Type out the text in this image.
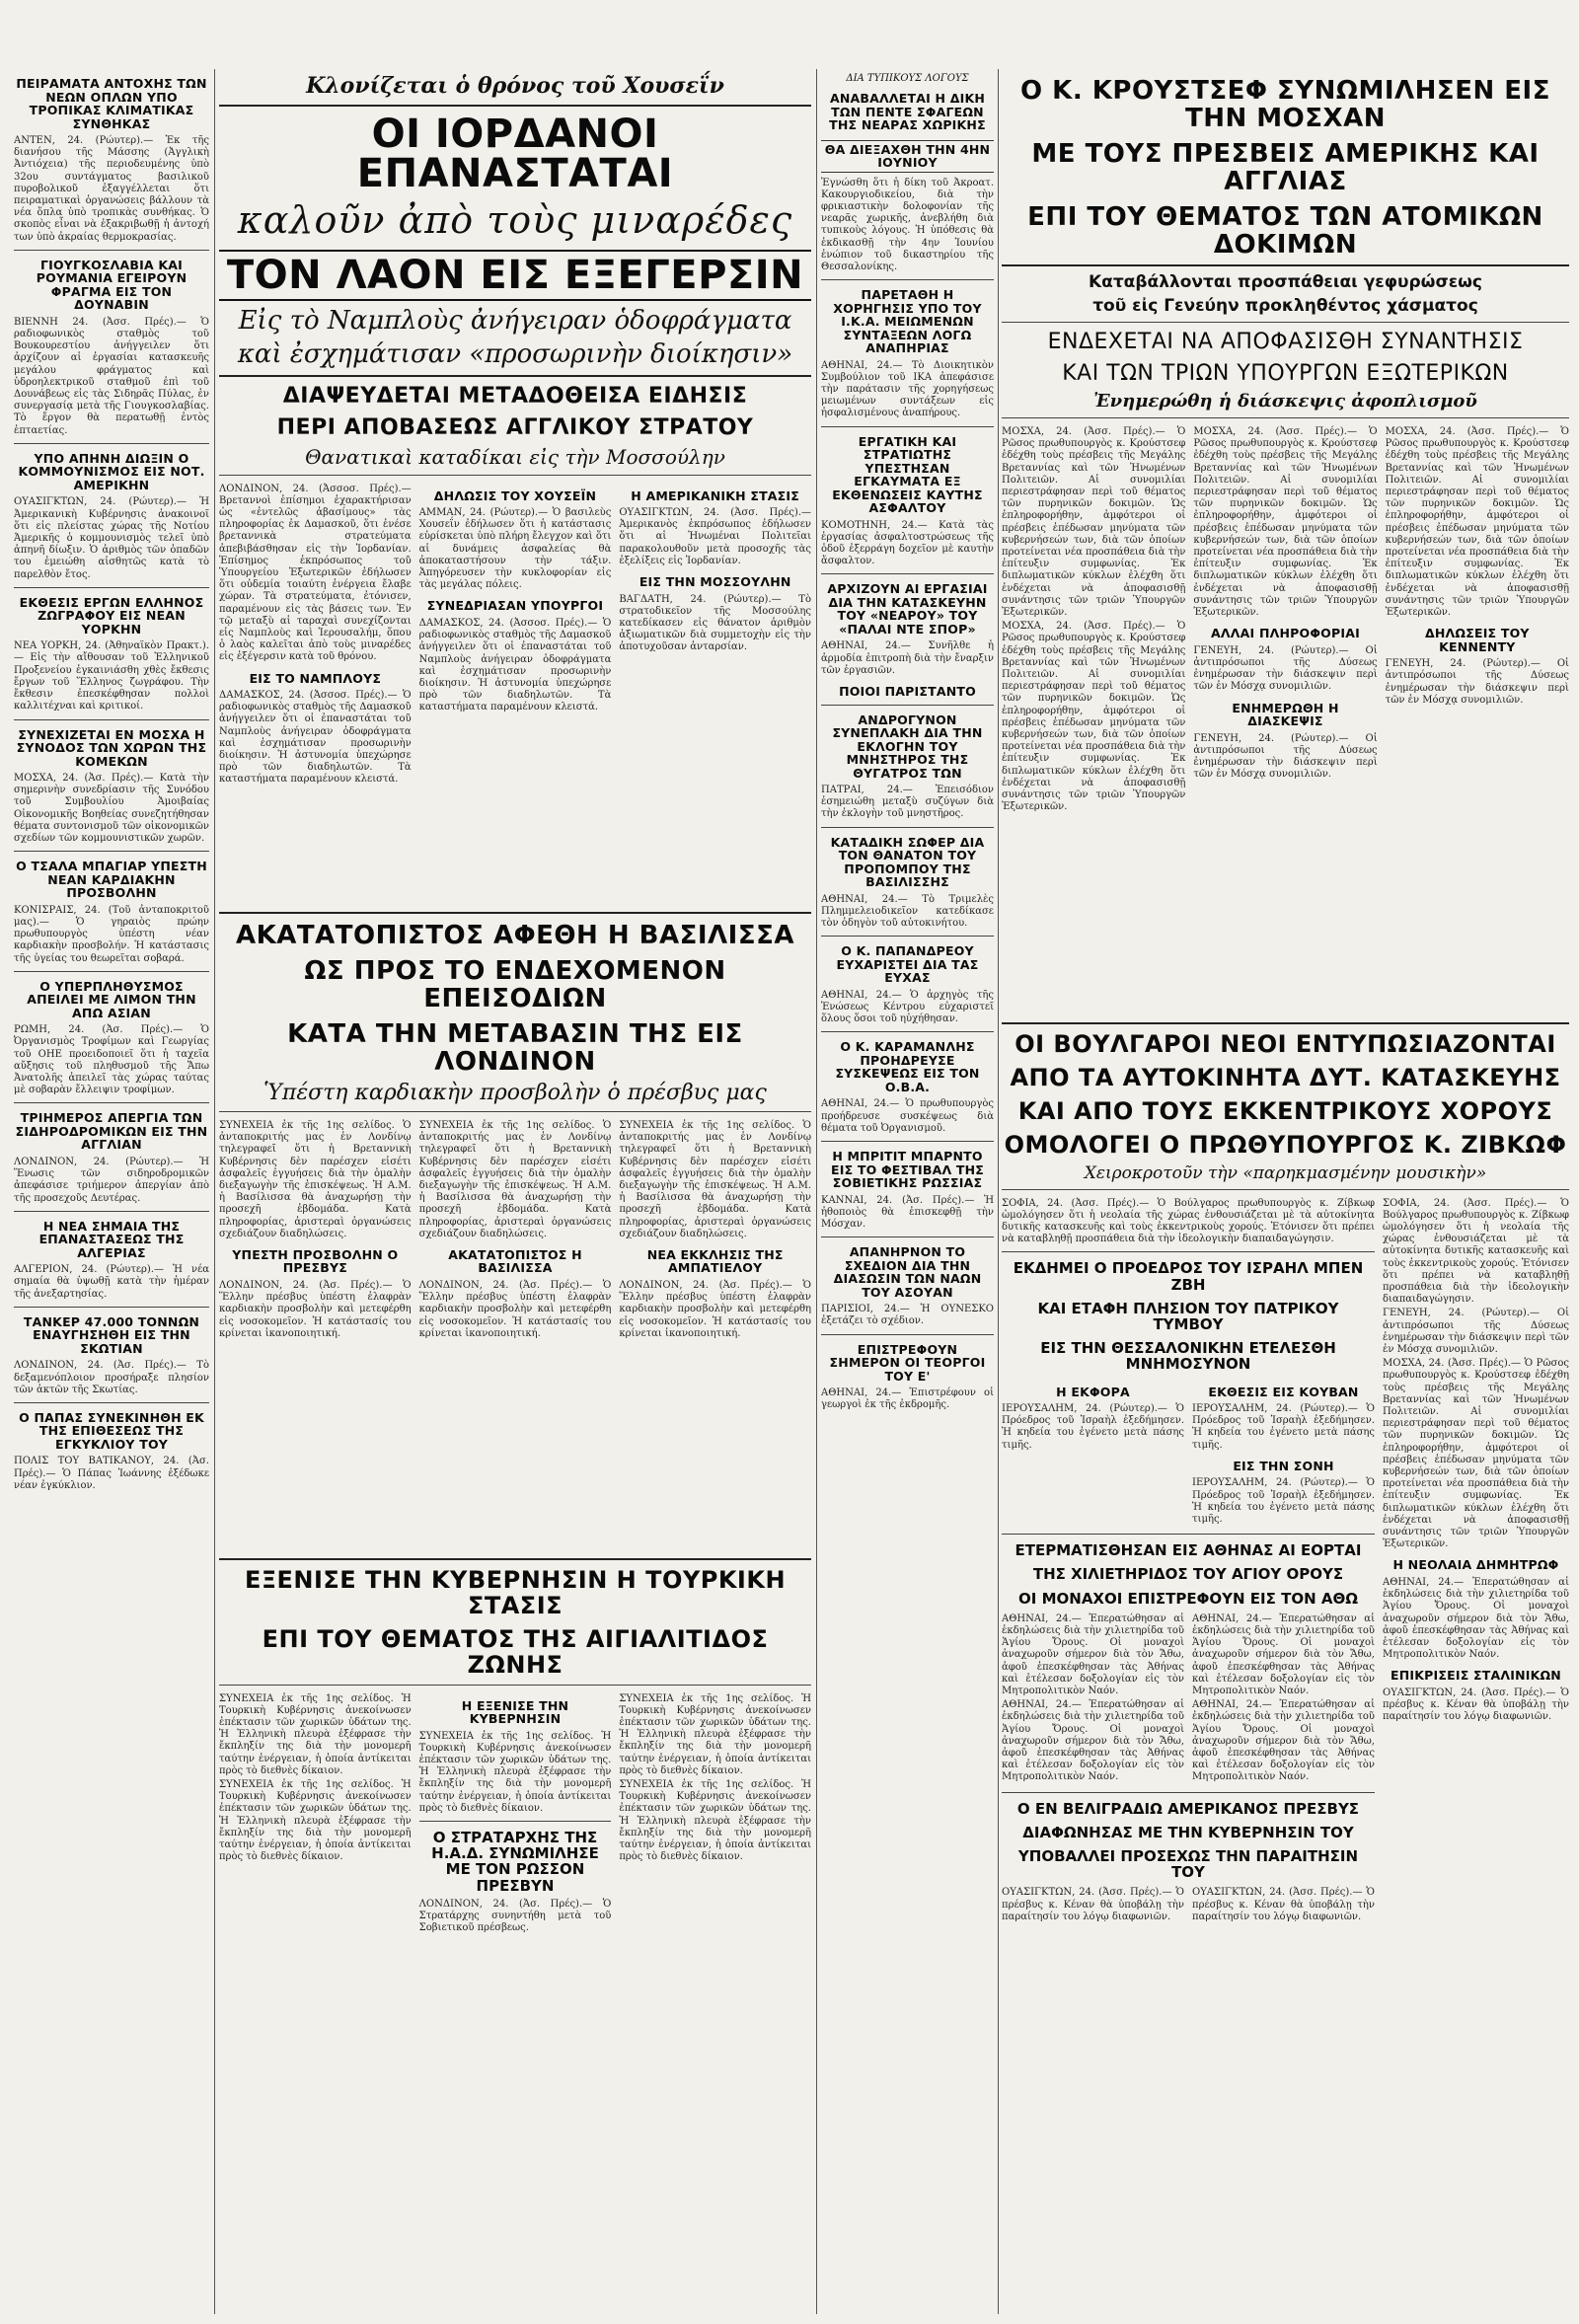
ΠΕΙΡΑΜΑΤΑ ΑΝΤΟΧΗΣ ΤΩΝ ΝΕΩΝ ΟΠΛΩΝ ΥΠΟ ΤΡΟΠΙΚΑΣ ΚΛΙΜΑΤΙΚΑΣ ΣΥΝΘΗΚΑΣ
ΑΝΤΕΝ, 24. (Ρώυτερ).— Ἐκ τῆς διανήσου τῆς Μάσσης (Ἀγγλικὴ Ἀντιόχεια) τῆς περιοδευμένης ὑπὸ 32ου συντάγματος βασιλικοῦ πυροβολικοῦ ἐξαγγέλλεται ὅτι πειραματικαὶ ὀργανώσεις βάλλουν τὰ νέα ὅπλα ὑπὸ τροπικὰς συνθήκας. Ὁ σκοπὸς εἶναι νὰ ἐξακριβωθῇ ἡ ἀντοχή των ὑπὸ ἀκραίας θερμοκρασίας.
ΓΙΟΥΓΚΟΣΛΑΒΙΑ ΚΑΙ ΡΟΥΜΑΝΙΑ ΕΓΕΙΡΟΥΝ ΦΡΑΓΜΑ ΕΙΣ ΤΟΝ ΔΟΥΝΑΒΙΝ
ΒΙΕΝΝΗ 24. (Ἀσσ. Πρές).— Ὁ ραδιοφωνικὸς σταθμὸς τοῦ Βουκουρεστίου ἀνήγγειλεν ὅτι ἀρχίζουν αἱ ἐργασίαι κατασκευῆς μεγάλου φράγματος καὶ ὑδροηλεκτρικοῦ σταθμοῦ ἐπὶ τοῦ Δουνάβεως εἰς τὰς Σιδηρᾶς Πύλας, ἐν συνεργασίᾳ μετὰ τῆς Γιουγκοσλαβίας. Τὸ ἔργον θὰ περατωθῇ ἐντὸς ἑπταετίας.
ΥΠΟ ΑΠΗΝΗ ΔΙΩΞΙΝ Ο ΚΟΜΜΟΥΝΙΣΜΟΣ ΕΙΣ ΝΟΤ. ΑΜΕΡΙΚΗΝ
ΟΥΑΣΙΓΚΤΩΝ, 24. (Ρώυτερ).— Ἡ Ἀμερικανικὴ Κυβέρνησις ἀνακοινοῖ ὅτι εἰς πλείστας χώρας τῆς Νοτίου Ἀμερικῆς ὁ κομμουνισμὸς τελεῖ ὑπὸ ἀπηνῆ δίωξιν. Ὁ ἀριθμὸς τῶν ὀπαδῶν του ἐμειώθη αἰσθητῶς κατὰ τὸ παρελθὸν ἔτος.
ΕΚΘΕΣΙΣ ΕΡΓΩΝ ΕΛΛΗΝΟΣ ΖΩΓΡΑΦΟΥ ΕΙΣ ΝΕΑΝ ΥΟΡΚΗΝ
ΝΕΑ ΥΟΡΚΗ, 24. (Ἀθηναϊκὸν Πρακτ.).— Εἰς τὴν αἴθουσαν τοῦ Ἑλληνικοῦ Προξενείου ἐγκαινιάσθη χθὲς ἔκθεσις ἔργων τοῦ Ἕλληνος ζωγράφου. Τὴν ἔκθεσιν ἐπεσκέφθησαν πολλοὶ καλλιτέχναι καὶ κριτικοί.
ΣΥΝΕΧΙΖΕΤΑΙ ΕΝ ΜΟΣΧΑ Η ΣΥΝΟΔΟΣ ΤΩΝ ΧΩΡΩΝ ΤΗΣ ΚΟΜΕΚΩΝ
ΜΟΣΧΑ, 24. (Ἀσ. Πρές).— Κατὰ τὴν σημερινὴν συνεδρίασιν τῆς Συνόδου τοῦ Συμβουλίου Ἀμοιβαίας Οἰκονομικῆς Βοηθείας συνεζητήθησαν θέματα συντονισμοῦ τῶν οἰκονομικῶν σχεδίων τῶν κομμουνιστικῶν χωρῶν.
Ο ΤΣΑΛΑ ΜΠΑΓΙΑΡ ΥΠΕΣΤΗ ΝΕΑΝ ΚΑΡΔΙΑΚΗΝ ΠΡΟΣΒΟΛΗΝ
ΚΟΝΙΣΡΑΙΣ, 24. (Τοῦ ἀνταποκριτοῦ μας).— Ὁ γηραιὸς πρώην πρωθυπουργὸς ὑπέστη νέαν καρδιακὴν προσβολήν. Ἡ κατάστασις τῆς ὑγείας του θεωρεῖται σοβαρά.
Ο ΥΠΕΡΠΛΗΘΥΣΜΟΣ ΑΠΕΙΛΕΙ ΜΕ ΛΙΜΟΝ ΤΗΝ ΑΠΩ ΑΣΙΑΝ
ΡΩΜΗ, 24. (Ἀσ. Πρές).— Ὁ Ὀργανισμὸς Τροφίμων καὶ Γεωργίας τοῦ ΟΗΕ προειδοποιεῖ ὅτι ἡ ταχεῖα αὔξησις τοῦ πληθυσμοῦ τῆς Ἄπω Ἀνατολῆς ἀπειλεῖ τὰς χώρας ταύτας μὲ σοβαρὰν ἔλλειψιν τροφίμων.
ΤΡΙΗΜΕΡΟΣ ΑΠΕΡΓΙΑ ΤΩΝ ΣΙΔΗΡΟΔΡΟΜΙΚΩΝ ΕΙΣ ΤΗΝ ΑΓΓΛΙΑΝ
ΛΟΝΔΙΝΟΝ, 24. (Ρώυτερ).— Ἡ Ἕνωσις τῶν σιδηροδρομικῶν ἀπεφάσισε τριήμερον ἀπεργίαν ἀπὸ τῆς προσεχοῦς Δευτέρας.
Η ΝΕΑ ΣΗΜΑΙΑ ΤΗΣ ΕΠΑΝΑΣΤΑΣΕΩΣ ΤΗΣ ΑΛΓΕΡΙΑΣ
ΑΛΓΕΡΙΟΝ, 24. (Ρώυτερ).— Ἡ νέα σημαία θὰ ὑψωθῇ κατὰ τὴν ἡμέραν τῆς ἀνεξαρτησίας.
ΤΑΝΚΕΡ 47.000 ΤΟΝΝΩΝ ΕΝΑΥΓΗΣΗΘΗ ΕΙΣ ΤΗΝ ΣΚΩΤΙΑΝ
ΛΟΝΔΙΝΟΝ, 24. (Ἀσ. Πρές).— Τὸ δεξαμενόπλοιον προσήραξε πλησίον τῶν ἀκτῶν τῆς Σκωτίας.
Ο ΠΑΠΑΣ ΣΥΝΕΚΙΝΗΘΗ ΕΚ ΤΗΣ ΕΠΙΘΕΣΕΩΣ ΤΗΣ ΕΓΚΥΚΛΙΟΥ ΤΟΥ
ΠΟΛΙΣ ΤΟΥ ΒΑΤΙΚΑΝΟΥ, 24. (Ἀσ. Πρές).— Ὁ Πάπας Ἰωάννης ἐξέδωκε νέαν ἐγκύκλιον.
Κλονίζεται ὁ θρόνος τοῦ Χουσεΐν
ΟΙ ΙΟΡΔΑΝΟΙ ΕΠΑΝΑΣΤΑΤΑΙ
καλοῦν ἀπὸ τοὺς μιναρέδες
ΤΟΝ ΛΑΟΝ ΕΙΣ ΕΞΕΓΕΡΣΙΝ
Εἰς τὸ Ναμπλοὺς ἀνήγειραν ὁδοφράγματα
καὶ ἐσχημάτισαν «προσωρινὴν διοίκησιν»
ΔΙΑΨΕΥΔΕΤΑΙ ΜΕΤΑΔΟΘΕΙΣΑ ΕΙΔΗΣΙΣ
ΠΕΡΙ ΑΠΟΒΑΣΕΩΣ ΑΓΓΛΙΚΟΥ ΣΤΡΑΤΟΥ
Θανατικαὶ καταδίκαι εἰς τὴν Μοσσούλην
ΛΟΝΔΙΝΟΝ, 24. (Ἀσσοσ. Πρές).— Βρεταννοὶ ἐπίσημοι ἐχαρακτήρισαν ὡς «ἐντελῶς ἀβασίμους» τὰς πληροφορίας ἐκ Δαμασκοῦ, ὅτι ἐνέσε βρεταννικὰ στρατεύματα ἀπεβιβάσθησαν εἰς τὴν Ἰορδανίαν. Ἐπίσημος ἐκπρόσωπος τοῦ Ὑπουργείου Ἐξωτερικῶν ἐδήλωσεν ὅτι οὐδεμία τοιαύτη ἐνέργεια ἔλαβε χώραν. Τὰ στρατεύματα, ἐτόνισεν, παραμένουν εἰς τὰς βάσεις των. Ἐν τῷ μεταξὺ αἱ ταραχαὶ συνεχίζονται εἰς Ναμπλοὺς καὶ Ἰερουσαλήμ, ὅπου ὁ λαὸς καλεῖται ἀπὸ τοὺς μιναρέδες εἰς ἐξέγερσιν κατὰ τοῦ θρόνου.
ΕΙΣ ΤΟ ΝΑΜΠΛΟΥΣ
ΔΑΜΑΣΚΟΣ, 24. (Ἀσσοσ. Πρές).— Ὁ ραδιοφωνικὸς σταθμὸς τῆς Δαμασκοῦ ἀνήγγειλεν ὅτι οἱ ἐπαναστάται τοῦ Ναμπλοὺς ἀνήγειραν ὁδοφράγματα καὶ ἐσχημάτισαν προσωρινὴν διοίκησιν. Ἡ ἀστυνομία ὑπεχώρησε πρὸ τῶν διαδηλωτῶν. Τὰ καταστήματα παραμένουν κλειστά.
ΔΗΛΩΣΙΣ ΤΟΥ ΧΟΥΣΕΪΝ
ΑΜΜΑΝ, 24. (Ρώυτερ).— Ὁ βασιλεὺς Χουσεΐν ἐδήλωσεν ὅτι ἡ κατάστασις εὑρίσκεται ὑπὸ πλήρη ἔλεγχον καὶ ὅτι αἱ δυνάμεις ἀσφαλείας θὰ ἀποκαταστήσουν τὴν τάξιν. Ἀπηγόρευσεν τὴν κυκλοφορίαν εἰς τὰς μεγάλας πόλεις.
ΣΥΝΕΔΡΙΑΣΑΝ ΥΠΟΥΡΓΟΙ
ΔΑΜΑΣΚΟΣ, 24. (Ἀσσοσ. Πρές).— Ὁ ραδιοφωνικὸς σταθμὸς τῆς Δαμασκοῦ ἀνήγγειλεν ὅτι οἱ ἐπαναστάται τοῦ Ναμπλοὺς ἀνήγειραν ὁδοφράγματα καὶ ἐσχημάτισαν προσωρινὴν διοίκησιν. Ἡ ἀστυνομία ὑπεχώρησε πρὸ τῶν διαδηλωτῶν. Τὰ καταστήματα παραμένουν κλειστά.
Η ΑΜΕΡΙΚΑΝΙΚΗ ΣΤΑΣΙΣ
ΟΥΑΣΙΓΚΤΩΝ, 24. (Ἀσσ. Πρές).— Ἀμερικανὸς ἐκπρόσωπος ἐδήλωσεν ὅτι αἱ Ἡνωμέναι Πολιτεῖαι παρακολουθοῦν μετὰ προσοχῆς τὰς ἐξελίξεις εἰς Ἰορδανίαν.
ΕΙΣ ΤΗΝ ΜΟΣΣΟΥΛΗΝ
ΒΑΓΔΑΤΗ, 24. (Ρώυτερ).— Τὸ στρατοδικεῖον τῆς Μοσσούλης κατεδίκασεν εἰς θάνατον ἀριθμὸν ἀξιωματικῶν διὰ συμμετοχὴν εἰς τὴν ἀποτυχοῦσαν ἀνταρσίαν.
ΑΚΑΤΑΤΟΠΙΣΤΟΣ ΑΦΕΘΗ Η ΒΑΣΙΛΙΣΣΑ
ΩΣ ΠΡΟΣ ΤΟ ΕΝΔΕΧΟΜΕΝΟΝ ΕΠΕΙΣΟΔΙΩΝ
ΚΑΤΑ ΤΗΝ ΜΕΤΑΒΑΣΙΝ ΤΗΣ ΕΙΣ ΛΟΝΔΙΝΟΝ
Ὑπέστη καρδιακὴν προσβολὴν ὁ πρέσβυς μας
ΣΥΝΕΧΕΙΑ ἐκ τῆς 1ης σελίδος. Ὁ ἀνταποκριτής μας ἐν Λονδίνῳ τηλεγραφεῖ ὅτι ἡ Βρεταννικὴ Κυβέρνησις δὲν παρέσχεν εἰσέτι ἀσφαλεῖς ἐγγυήσεις διὰ τὴν ὁμαλὴν διεξαγωγὴν τῆς ἐπισκέψεως. Ἡ Α.Μ. ἡ Βασίλισσα θὰ ἀναχωρήσῃ τὴν προσεχῆ ἑβδομάδα. Κατὰ πληροφορίας, ἀριστεραὶ ὀργανώσεις σχεδιάζουν διαδηλώσεις.
ΥΠΕΣΤΗ ΠΡΟΣΒΟΛΗΝ Ο ΠΡΕΣΒΥΣ
ΛΟΝΔΙΝΟΝ, 24. (Ἀσ. Πρές).— Ὁ Ἕλλην πρέσβυς ὑπέστη ἐλαφρὰν καρδιακὴν προσβολὴν καὶ μετεφέρθη εἰς νοσοκομεῖον. Ἡ κατάστασίς του κρίνεται ἱκανοποιητική.
ΣΥΝΕΧΕΙΑ ἐκ τῆς 1ης σελίδος. Ὁ ἀνταποκριτής μας ἐν Λονδίνῳ τηλεγραφεῖ ὅτι ἡ Βρεταννικὴ Κυβέρνησις δὲν παρέσχεν εἰσέτι ἀσφαλεῖς ἐγγυήσεις διὰ τὴν ὁμαλὴν διεξαγωγὴν τῆς ἐπισκέψεως. Ἡ Α.Μ. ἡ Βασίλισσα θὰ ἀναχωρήσῃ τὴν προσεχῆ ἑβδομάδα. Κατὰ πληροφορίας, ἀριστεραὶ ὀργανώσεις σχεδιάζουν διαδηλώσεις.
ΑΚΑΤΑΤΟΠΙΣΤΟΣ Η ΒΑΣΙΛΙΣΣΑ
ΛΟΝΔΙΝΟΝ, 24. (Ἀσ. Πρές).— Ὁ Ἕλλην πρέσβυς ὑπέστη ἐλαφρὰν καρδιακὴν προσβολὴν καὶ μετεφέρθη εἰς νοσοκομεῖον. Ἡ κατάστασίς του κρίνεται ἱκανοποιητική.
ΣΥΝΕΧΕΙΑ ἐκ τῆς 1ης σελίδος. Ὁ ἀνταποκριτής μας ἐν Λονδίνῳ τηλεγραφεῖ ὅτι ἡ Βρεταννικὴ Κυβέρνησις δὲν παρέσχεν εἰσέτι ἀσφαλεῖς ἐγγυήσεις διὰ τὴν ὁμαλὴν διεξαγωγὴν τῆς ἐπισκέψεως. Ἡ Α.Μ. ἡ Βασίλισσα θὰ ἀναχωρήσῃ τὴν προσεχῆ ἑβδομάδα. Κατὰ πληροφορίας, ἀριστεραὶ ὀργανώσεις σχεδιάζουν διαδηλώσεις.
ΝΕΑ ΕΚΚΛΗΣΙΣ ΤΗΣ ΑΜΠΑΤΙΕΛΟΥ
ΛΟΝΔΙΝΟΝ, 24. (Ἀσ. Πρές).— Ὁ Ἕλλην πρέσβυς ὑπέστη ἐλαφρὰν καρδιακὴν προσβολὴν καὶ μετεφέρθη εἰς νοσοκομεῖον. Ἡ κατάστασίς του κρίνεται ἱκανοποιητική.
ΕΞΕΝΙΣΕ ΤΗΝ ΚΥΒΕΡΝΗΣΙΝ Η ΤΟΥΡΚΙΚΗ ΣΤΑΣΙΣ
ΕΠΙ ΤΟΥ ΘΕΜΑΤΟΣ ΤΗΣ ΑΙΓΙΑΛΙΤΙΔΟΣ ΖΩΝΗΣ
ΣΥΝΕΧΕΙΑ ἐκ τῆς 1ης σελίδος. Ἡ Τουρκικὴ Κυβέρνησις ἀνεκοίνωσεν ἐπέκτασιν τῶν χωρικῶν ὑδάτων της. Ἡ Ἑλληνικὴ πλευρὰ ἐξέφρασε τὴν ἔκπληξίν της διὰ τὴν μονομερῆ ταύτην ἐνέργειαν, ἡ ὁποία ἀντίκειται πρὸς τὸ διεθνὲς δίκαιον.
ΣΥΝΕΧΕΙΑ ἐκ τῆς 1ης σελίδος. Ἡ Τουρκικὴ Κυβέρνησις ἀνεκοίνωσεν ἐπέκτασιν τῶν χωρικῶν ὑδάτων της. Ἡ Ἑλληνικὴ πλευρὰ ἐξέφρασε τὴν ἔκπληξίν της διὰ τὴν μονομερῆ ταύτην ἐνέργειαν, ἡ ὁποία ἀντίκειται πρὸς τὸ διεθνὲς δίκαιον.
Η ΕΞΕΝΙΣΕ ΤΗΝ ΚΥΒΕΡΝΗΣΙΝ
ΣΥΝΕΧΕΙΑ ἐκ τῆς 1ης σελίδος. Ἡ Τουρκικὴ Κυβέρνησις ἀνεκοίνωσεν ἐπέκτασιν τῶν χωρικῶν ὑδάτων της. Ἡ Ἑλληνικὴ πλευρὰ ἐξέφρασε τὴν ἔκπληξίν της διὰ τὴν μονομερῆ ταύτην ἐνέργειαν, ἡ ὁποία ἀντίκειται πρὸς τὸ διεθνὲς δίκαιον.
Ο ΣΤΡΑΤΑΡΧΗΣ ΤΗΣ Η.Α.Δ. ΣΥΝΩΜΙΛΗΣΕ ΜΕ ΤΟΝ ΡΩΣΣΟΝ ΠΡΕΣΒΥΝ
ΛΟΝΔΙΝΟΝ, 24. (Ἀσ. Πρές).— Ὁ Στρατάρχης συνηντήθη μετὰ τοῦ Σοβιετικοῦ πρέσβεως.
ΣΥΝΕΧΕΙΑ ἐκ τῆς 1ης σελίδος. Ἡ Τουρκικὴ Κυβέρνησις ἀνεκοίνωσεν ἐπέκτασιν τῶν χωρικῶν ὑδάτων της. Ἡ Ἑλληνικὴ πλευρὰ ἐξέφρασε τὴν ἔκπληξίν της διὰ τὴν μονομερῆ ταύτην ἐνέργειαν, ἡ ὁποία ἀντίκειται πρὸς τὸ διεθνὲς δίκαιον.
ΣΥΝΕΧΕΙΑ ἐκ τῆς 1ης σελίδος. Ἡ Τουρκικὴ Κυβέρνησις ἀνεκοίνωσεν ἐπέκτασιν τῶν χωρικῶν ὑδάτων της. Ἡ Ἑλληνικὴ πλευρὰ ἐξέφρασε τὴν ἔκπληξίν της διὰ τὴν μονομερῆ ταύτην ἐνέργειαν, ἡ ὁποία ἀντίκειται πρὸς τὸ διεθνὲς δίκαιον.
ΔΙΑ ΤΥΠΙΚΟΥΣ ΛΟΓΟΥΣ
ΑΝΑΒΑΛΛΕΤΑΙ Η ΔΙΚΗ ΤΩΝ ΠΕΝΤΕ ΣΦΑΓΕΩΝ ΤΗΣ ΝΕΑΡΑΣ ΧΩΡΙΚΗΣ
ΘΑ ΔΙΕΞΑΧΘΗ ΤΗΝ 4ΗΝ ΙΟΥΝΙΟΥ
Ἐγνώσθη ὅτι ἡ δίκη τοῦ Ἀκροατ. Κακουργιοδικείου, διὰ τὴν φρικιαστικὴν δολοφονίαν τῆς νεαρᾶς χωρικῆς, ἀνεβλήθη διὰ τυπικοὺς λόγους. Ἡ ὑπόθεσις θὰ ἐκδικασθῇ τὴν 4ην Ἰουνίου ἐνώπιον τοῦ δικαστηρίου τῆς Θεσσαλονίκης.
ΠΑΡΕΤΑΘΗ Η ΧΟΡΗΓΗΣΙΣ ΥΠΟ ΤΟΥ Ι.Κ.Α. ΜΕΙΩΜΕΝΩΝ ΣΥΝΤΑΞΕΩΝ ΛΟΓΩ ΑΝΑΠΗΡΙΑΣ
ΑΘΗΝΑΙ, 24.— Τὸ Διοικητικὸν Συμβούλιον τοῦ ΙΚΑ ἀπεφάσισε τὴν παράτασιν τῆς χορηγήσεως μειωμένων συντάξεων εἰς ἠσφαλισμένους ἀναπήρους.
ΕΡΓΑΤΙΚΗ ΚΑΙ ΣΤΡΑΤΙΩΤΗΣ ΥΠΕΣΤΗΣΑΝ ΕΓΚΑΥΜΑΤΑ ΕΞ ΕΚΘΕΝΩΣΕΙΣ ΚΑΥΤΗΣ ΑΣΦΑΛΤΟΥ
ΚΟΜΟΤΗΝΗ, 24.— Κατὰ τὰς ἐργασίας ἀσφαλτοστρώσεως τῆς ὁδοῦ ἐξερράγη δοχεῖον μὲ καυτὴν ἄσφαλτον.
ΑΡΧΙΖΟΥΝ ΑΙ ΕΡΓΑΣΙΑΙ ΔΙΑ ΤΗΝ ΚΑΤΑΣΚΕΥΗΝ ΤΟΥ «ΝΕΑΡΟΥ» ΤΟΥ «ΠΑΛΑΙ ΝΤΕ ΣΠΟΡ»
ΑΘΗΝΑΙ, 24.— Συνῆλθε ἡ ἀρμοδία ἐπιτροπὴ διὰ τὴν ἔναρξιν τῶν ἐργασιῶν.
ΠΟΙΟΙ ΠΑΡΙΣΤΑΝΤΟ
ΑΝΔΡΟΓΥΝΟΝ ΣΥΝΕΠΛΑΚΗ ΔΙΑ ΤΗΝ ΕΚΛΟΓΗΝ ΤΟΥ ΜΝΗΣΤΗΡΟΣ ΤΗΣ ΘΥΓΑΤΡΟΣ ΤΩΝ
ΠΑΤΡΑΙ, 24.— Ἐπεισόδιον ἐσημειώθη μεταξὺ συζύγων διὰ τὴν ἐκλογὴν τοῦ μνηστῆρος.
ΚΑΤΑΔΙΚΗ ΣΩΦΕΡ ΔΙΑ ΤΟΝ ΘΑΝΑΤΟΝ ΤΟΥ ΠΡΟΠΟΜΠΟΥ ΤΗΣ ΒΑΣΙΛΙΣΣΗΣ
ΑΘΗΝΑΙ, 24.— Τὸ Τριμελὲς Πλημμελειοδικεῖον κατεδίκασε τὸν ὁδηγὸν τοῦ αὐτοκινήτου.
Ο Κ. ΠΑΠΑΝΔΡΕΟΥ ΕΥΧΑΡΙΣΤΕΙ ΔΙΑ ΤΑΣ ΕΥΧΑΣ
ΑΘΗΝΑΙ, 24.— Ὁ ἀρχηγὸς τῆς Ἑνώσεως Κέντρου εὐχαριστεῖ ὅλους ὅσοι τοῦ ηὐχήθησαν.
Ο Κ. ΚΑΡΑΜΑΝΛΗΣ ΠΡΟΗΔΡΕΥΣΕ ΣΥΣΚΕΨΕΩΣ ΕΙΣ ΤΟΝ Ο.Β.Α.
ΑΘΗΝΑΙ, 24.— Ὁ πρωθυπουργὸς προήδρευσε συσκέψεως διὰ θέματα τοῦ Ὀργανισμοῦ.
Η ΜΠΡΙΤΙΤ ΜΠΑΡΝΤΟ ΕΙΣ ΤΟ ΦΕΣΤΙΒΑΛ ΤΗΣ ΣΟΒΙΕΤΙΚΗΣ ΡΩΣΣΙΑΣ
ΚΑΝΝΑΙ, 24. (Ἀσ. Πρές).— Ἡ ἠθοποιὸς θὰ ἐπισκεφθῇ τὴν Μόσχαν.
ΑΠΑΝΗΡΝΟΝ ΤΟ ΣΧΕΔΙΟΝ ΔΙΑ ΤΗΝ ΔΙΑΣΩΣΙΝ ΤΩΝ ΝΑΩΝ ΤΟΥ ΑΣΟΥΑΝ
ΠΑΡΙΣΙΟΙ, 24.— Ἡ ΟΥΝΕΣΚΟ ἐξετάζει τὸ σχέδιον.
ΕΠΙΣΤΡΕΦΟΥΝ ΣΗΜΕΡΟΝ ΟΙ ΤΕΟΡΓΟΙ ΤΟΥ Ε'
ΑΘΗΝΑΙ, 24.— Ἐπιστρέφουν οἱ γεωργοὶ ἐκ τῆς ἐκδρομῆς.
Ο Κ. ΚΡΟΥΣΤΣΕΦ ΣΥΝΩΜΙΛΗΣΕΝ ΕΙΣ ΤΗΝ ΜΟΣΧΑΝ
ΜΕ ΤΟΥΣ ΠΡΕΣΒΕΙΣ ΑΜΕΡΙΚΗΣ ΚΑΙ ΑΓΓΛΙΑΣ
ΕΠΙ ΤΟΥ ΘΕΜΑΤΟΣ ΤΩΝ ΑΤΟΜΙΚΩΝ ΔΟΚΙΜΩΝ
Καταβάλλονται προσπάθειαι γεφυρώσεως
τοῦ εἰς Γενεύην προκληθέντος χάσματος
ΕΝΔΕΧΕΤΑΙ ΝΑ ΑΠΟΦΑΣΙΣΘΗ ΣΥΝΑΝΤΗΣΙΣ
ΚΑΙ ΤΩΝ ΤΡΙΩΝ ΥΠΟΥΡΓΩΝ ΕΞΩΤΕΡΙΚΩΝ
Ἐνημερώθη ἡ διάσκεψις ἀφοπλισμοῦ
ΜΟΣΧΑ, 24. (Ἀσσ. Πρές).— Ὁ Ρῶσος πρωθυπουργὸς κ. Κρούστσεφ ἐδέχθη τοὺς πρέσβεις τῆς Μεγάλης Βρεταννίας καὶ τῶν Ἡνωμένων Πολιτειῶν. Αἱ συνομιλίαι περιεστράφησαν περὶ τοῦ θέματος τῶν πυρηνικῶν δοκιμῶν. Ὡς ἐπληροφορήθην, ἀμφότεροι οἱ πρέσβεις ἐπέδωσαν μηνύματα τῶν κυβερνήσεών των, διὰ τῶν ὁποίων προτείνεται νέα προσπάθεια διὰ τὴν ἐπίτευξιν συμφωνίας. Ἐκ διπλωματικῶν κύκλων ἐλέχθη ὅτι ἐνδέχεται νὰ ἀποφασισθῇ συνάντησις τῶν τριῶν Ὑπουργῶν Ἐξωτερικῶν.
ΜΟΣΧΑ, 24. (Ἀσσ. Πρές).— Ὁ Ρῶσος πρωθυπουργὸς κ. Κρούστσεφ ἐδέχθη τοὺς πρέσβεις τῆς Μεγάλης Βρεταννίας καὶ τῶν Ἡνωμένων Πολιτειῶν. Αἱ συνομιλίαι περιεστράφησαν περὶ τοῦ θέματος τῶν πυρηνικῶν δοκιμῶν. Ὡς ἐπληροφορήθην, ἀμφότεροι οἱ πρέσβεις ἐπέδωσαν μηνύματα τῶν κυβερνήσεών των, διὰ τῶν ὁποίων προτείνεται νέα προσπάθεια διὰ τὴν ἐπίτευξιν συμφωνίας. Ἐκ διπλωματικῶν κύκλων ἐλέχθη ὅτι ἐνδέχεται νὰ ἀποφασισθῇ συνάντησις τῶν τριῶν Ὑπουργῶν Ἐξωτερικῶν.
ΜΟΣΧΑ, 24. (Ἀσσ. Πρές).— Ὁ Ρῶσος πρωθυπουργὸς κ. Κρούστσεφ ἐδέχθη τοὺς πρέσβεις τῆς Μεγάλης Βρεταννίας καὶ τῶν Ἡνωμένων Πολιτειῶν. Αἱ συνομιλίαι περιεστράφησαν περὶ τοῦ θέματος τῶν πυρηνικῶν δοκιμῶν. Ὡς ἐπληροφορήθην, ἀμφότεροι οἱ πρέσβεις ἐπέδωσαν μηνύματα τῶν κυβερνήσεών των, διὰ τῶν ὁποίων προτείνεται νέα προσπάθεια διὰ τὴν ἐπίτευξιν συμφωνίας. Ἐκ διπλωματικῶν κύκλων ἐλέχθη ὅτι ἐνδέχεται νὰ ἀποφασισθῇ συνάντησις τῶν τριῶν Ὑπουργῶν Ἐξωτερικῶν.
ΑΛΛΑΙ ΠΛΗΡΟΦΟΡΙΑΙ
ΓΕΝΕΥΗ, 24. (Ρώυτερ).— Οἱ ἀντιπρόσωποι τῆς Δύσεως ἐνημέρωσαν τὴν διάσκεψιν περὶ τῶν ἐν Μόσχᾳ συνομιλιῶν.
ΕΝΗΜΕΡΩΘΗ Η ΔΙΑΣΚΕΨΙΣ
ΓΕΝΕΥΗ, 24. (Ρώυτερ).— Οἱ ἀντιπρόσωποι τῆς Δύσεως ἐνημέρωσαν τὴν διάσκεψιν περὶ τῶν ἐν Μόσχᾳ συνομιλιῶν.
ΜΟΣΧΑ, 24. (Ἀσσ. Πρές).— Ὁ Ρῶσος πρωθυπουργὸς κ. Κρούστσεφ ἐδέχθη τοὺς πρέσβεις τῆς Μεγάλης Βρεταννίας καὶ τῶν Ἡνωμένων Πολιτειῶν. Αἱ συνομιλίαι περιεστράφησαν περὶ τοῦ θέματος τῶν πυρηνικῶν δοκιμῶν. Ὡς ἐπληροφορήθην, ἀμφότεροι οἱ πρέσβεις ἐπέδωσαν μηνύματα τῶν κυβερνήσεών των, διὰ τῶν ὁποίων προτείνεται νέα προσπάθεια διὰ τὴν ἐπίτευξιν συμφωνίας. Ἐκ διπλωματικῶν κύκλων ἐλέχθη ὅτι ἐνδέχεται νὰ ἀποφασισθῇ συνάντησις τῶν τριῶν Ὑπουργῶν Ἐξωτερικῶν.
ΔΗΛΩΣΕΙΣ ΤΟΥ ΚΕΝΝΕΝΤΥ
ΓΕΝΕΥΗ, 24. (Ρώυτερ).— Οἱ ἀντιπρόσωποι τῆς Δύσεως ἐνημέρωσαν τὴν διάσκεψιν περὶ τῶν ἐν Μόσχᾳ συνομιλιῶν.
ΟΙ ΒΟΥΛΓΑΡΟΙ ΝΕΟΙ ΕΝΤΥΠΩΣΙΑΖΟΝΤΑΙ
ΑΠΟ ΤΑ ΑΥΤΟΚΙΝΗΤΑ ΔΥΤ. ΚΑΤΑΣΚΕΥΗΣ
ΚΑΙ ΑΠΟ ΤΟΥΣ ΕΚΚΕΝΤΡΙΚΟΥΣ ΧΟΡΟΥΣ
ΟΜΟΛΟΓΕΙ Ο ΠΡΩΘΥΠΟΥΡΓΟΣ Κ. ΖΙΒΚΩΦ
Χειροκροτοῦν τὴν «παρηκμασμένην μουσικὴν»
ΣΟΦΙΑ, 24. (Ἀσσ. Πρές).— Ὁ Βούλγαρος πρωθυπουργὸς κ. Ζίβκωφ ὡμολόγησεν ὅτι ἡ νεολαία τῆς χώρας ἐνθουσιάζεται μὲ τὰ αὐτοκίνητα δυτικῆς κατασκευῆς καὶ τοὺς ἐκκεντρικοὺς χορούς. Ἐτόνισεν ὅτι πρέπει νὰ καταβληθῇ προσπάθεια διὰ τὴν ἰδεολογικὴν διαπαιδαγώγησιν.
ΕΚΔΗΜΕΙ Ο ΠΡΟΕΔΡΟΣ ΤΟΥ ΙΣΡΑΗΛ ΜΠΕΝ ΖΒΗ
ΚΑΙ ΕΤΑΦΗ ΠΛΗΣΙΟΝ ΤΟΥ ΠΑΤΡΙΚΟΥ ΤΥΜΒΟΥ
ΕΙΣ ΤΗΝ ΘΕΣΣΑΛΟΝΙΚΗΝ ΕΤΕΛΕΣΘΗ ΜΝΗΜΟΣΥΝΟΝ
Η ΕΚΦΟΡΑ
ΙΕΡΟΥΣΑΛΗΜ, 24. (Ρώυτερ).— Ὁ Πρόεδρος τοῦ Ἰσραὴλ ἐξεδήμησεν. Ἡ κηδεία του ἐγένετο μετὰ πάσης τιμῆς.
ΕΚΘΕΣΙΣ ΕΙΣ ΚΟΥΒΑΝ
ΙΕΡΟΥΣΑΛΗΜ, 24. (Ρώυτερ).— Ὁ Πρόεδρος τοῦ Ἰσραὴλ ἐξεδήμησεν. Ἡ κηδεία του ἐγένετο μετὰ πάσης τιμῆς.
ΕΙΣ ΤΗΝ ΣΟΝΗ
ΙΕΡΟΥΣΑΛΗΜ, 24. (Ρώυτερ).— Ὁ Πρόεδρος τοῦ Ἰσραὴλ ἐξεδήμησεν. Ἡ κηδεία του ἐγένετο μετὰ πάσης τιμῆς.
ΕΤΕΡΜΑΤΙΣΘΗΣΑΝ ΕΙΣ ΑΘΗΝΑΣ ΑΙ ΕΟΡΤΑΙ
ΤΗΣ ΧΙΛΙΕΤΗΡΙΔΟΣ ΤΟΥ ΑΓΙΟΥ ΟΡΟΥΣ
ΟΙ ΜΟΝΑΧΟΙ ΕΠΙΣΤΡΕΦΟΥΝ ΕΙΣ ΤΟΝ ΑΘΩ
ΑΘΗΝΑΙ, 24.— Ἐπερατώθησαν αἱ ἐκδηλώσεις διὰ τὴν χιλιετηρίδα τοῦ Ἁγίου Ὄρους. Οἱ μοναχοὶ ἀναχωροῦν σήμερον διὰ τὸν Ἄθω, ἀφοῦ ἐπεσκέφθησαν τὰς Ἀθήνας καὶ ἐτέλεσαν δοξολογίαν εἰς τὸν Μητροπολιτικὸν Ναόν.
ΑΘΗΝΑΙ, 24.— Ἐπερατώθησαν αἱ ἐκδηλώσεις διὰ τὴν χιλιετηρίδα τοῦ Ἁγίου Ὄρους. Οἱ μοναχοὶ ἀναχωροῦν σήμερον διὰ τὸν Ἄθω, ἀφοῦ ἐπεσκέφθησαν τὰς Ἀθήνας καὶ ἐτέλεσαν δοξολογίαν εἰς τὸν Μητροπολιτικὸν Ναόν.
ΑΘΗΝΑΙ, 24.— Ἐπερατώθησαν αἱ ἐκδηλώσεις διὰ τὴν χιλιετηρίδα τοῦ Ἁγίου Ὄρους. Οἱ μοναχοὶ ἀναχωροῦν σήμερον διὰ τὸν Ἄθω, ἀφοῦ ἐπεσκέφθησαν τὰς Ἀθήνας καὶ ἐτέλεσαν δοξολογίαν εἰς τὸν Μητροπολιτικὸν Ναόν.
ΑΘΗΝΑΙ, 24.— Ἐπερατώθησαν αἱ ἐκδηλώσεις διὰ τὴν χιλιετηρίδα τοῦ Ἁγίου Ὄρους. Οἱ μοναχοὶ ἀναχωροῦν σήμερον διὰ τὸν Ἄθω, ἀφοῦ ἐπεσκέφθησαν τὰς Ἀθήνας καὶ ἐτέλεσαν δοξολογίαν εἰς τὸν Μητροπολιτικὸν Ναόν.
Ο ΕΝ ΒΕΛΙΓΡΑΔΙΩ ΑΜΕΡΙΚΑΝΟΣ ΠΡΕΣΒΥΣ
ΔΙΑΦΩΝΗΣΑΣ ΜΕ ΤΗΝ ΚΥΒΕΡΝΗΣΙΝ ΤΟΥ
ΥΠΟΒΑΛΛΕΙ ΠΡΟΣΕΧΩΣ ΤΗΝ ΠΑΡΑΙΤΗΣΙΝ ΤΟΥ
ΟΥΑΣΙΓΚΤΩΝ, 24. (Ἀσσ. Πρές).— Ὁ πρέσβυς κ. Κέναν θὰ ὑποβάλῃ τὴν παραίτησίν του λόγῳ διαφωνιῶν.
ΟΥΑΣΙΓΚΤΩΝ, 24. (Ἀσσ. Πρές).— Ὁ πρέσβυς κ. Κέναν θὰ ὑποβάλῃ τὴν παραίτησίν του λόγῳ διαφωνιῶν.
ΣΟΦΙΑ, 24. (Ἀσσ. Πρές).— Ὁ Βούλγαρος πρωθυπουργὸς κ. Ζίβκωφ ὡμολόγησεν ὅτι ἡ νεολαία τῆς χώρας ἐνθουσιάζεται μὲ τὰ αὐτοκίνητα δυτικῆς κατασκευῆς καὶ τοὺς ἐκκεντρικοὺς χορούς. Ἐτόνισεν ὅτι πρέπει νὰ καταβληθῇ προσπάθεια διὰ τὴν ἰδεολογικὴν διαπαιδαγώγησιν.
ΓΕΝΕΥΗ, 24. (Ρώυτερ).— Οἱ ἀντιπρόσωποι τῆς Δύσεως ἐνημέρωσαν τὴν διάσκεψιν περὶ τῶν ἐν Μόσχᾳ συνομιλιῶν.
ΜΟΣΧΑ, 24. (Ἀσσ. Πρές).— Ὁ Ρῶσος πρωθυπουργὸς κ. Κρούστσεφ ἐδέχθη τοὺς πρέσβεις τῆς Μεγάλης Βρεταννίας καὶ τῶν Ἡνωμένων Πολιτειῶν. Αἱ συνομιλίαι περιεστράφησαν περὶ τοῦ θέματος τῶν πυρηνικῶν δοκιμῶν. Ὡς ἐπληροφορήθην, ἀμφότεροι οἱ πρέσβεις ἐπέδωσαν μηνύματα τῶν κυβερνήσεών των, διὰ τῶν ὁποίων προτείνεται νέα προσπάθεια διὰ τὴν ἐπίτευξιν συμφωνίας. Ἐκ διπλωματικῶν κύκλων ἐλέχθη ὅτι ἐνδέχεται νὰ ἀποφασισθῇ συνάντησις τῶν τριῶν Ὑπουργῶν Ἐξωτερικῶν.
Η ΝΕΟΛΑΙΑ ΔΗΜΗΤΡΩΦ
ΑΘΗΝΑΙ, 24.— Ἐπερατώθησαν αἱ ἐκδηλώσεις διὰ τὴν χιλιετηρίδα τοῦ Ἁγίου Ὄρους. Οἱ μοναχοὶ ἀναχωροῦν σήμερον διὰ τὸν Ἄθω, ἀφοῦ ἐπεσκέφθησαν τὰς Ἀθήνας καὶ ἐτέλεσαν δοξολογίαν εἰς τὸν Μητροπολιτικὸν Ναόν.
ΕΠΙΚΡΙΣΕΙΣ ΣΤΑΛΙΝΙΚΩΝ
ΟΥΑΣΙΓΚΤΩΝ, 24. (Ἀσσ. Πρές).— Ὁ πρέσβυς κ. Κέναν θὰ ὑποβάλῃ τὴν παραίτησίν του λόγῳ διαφωνιῶν.
